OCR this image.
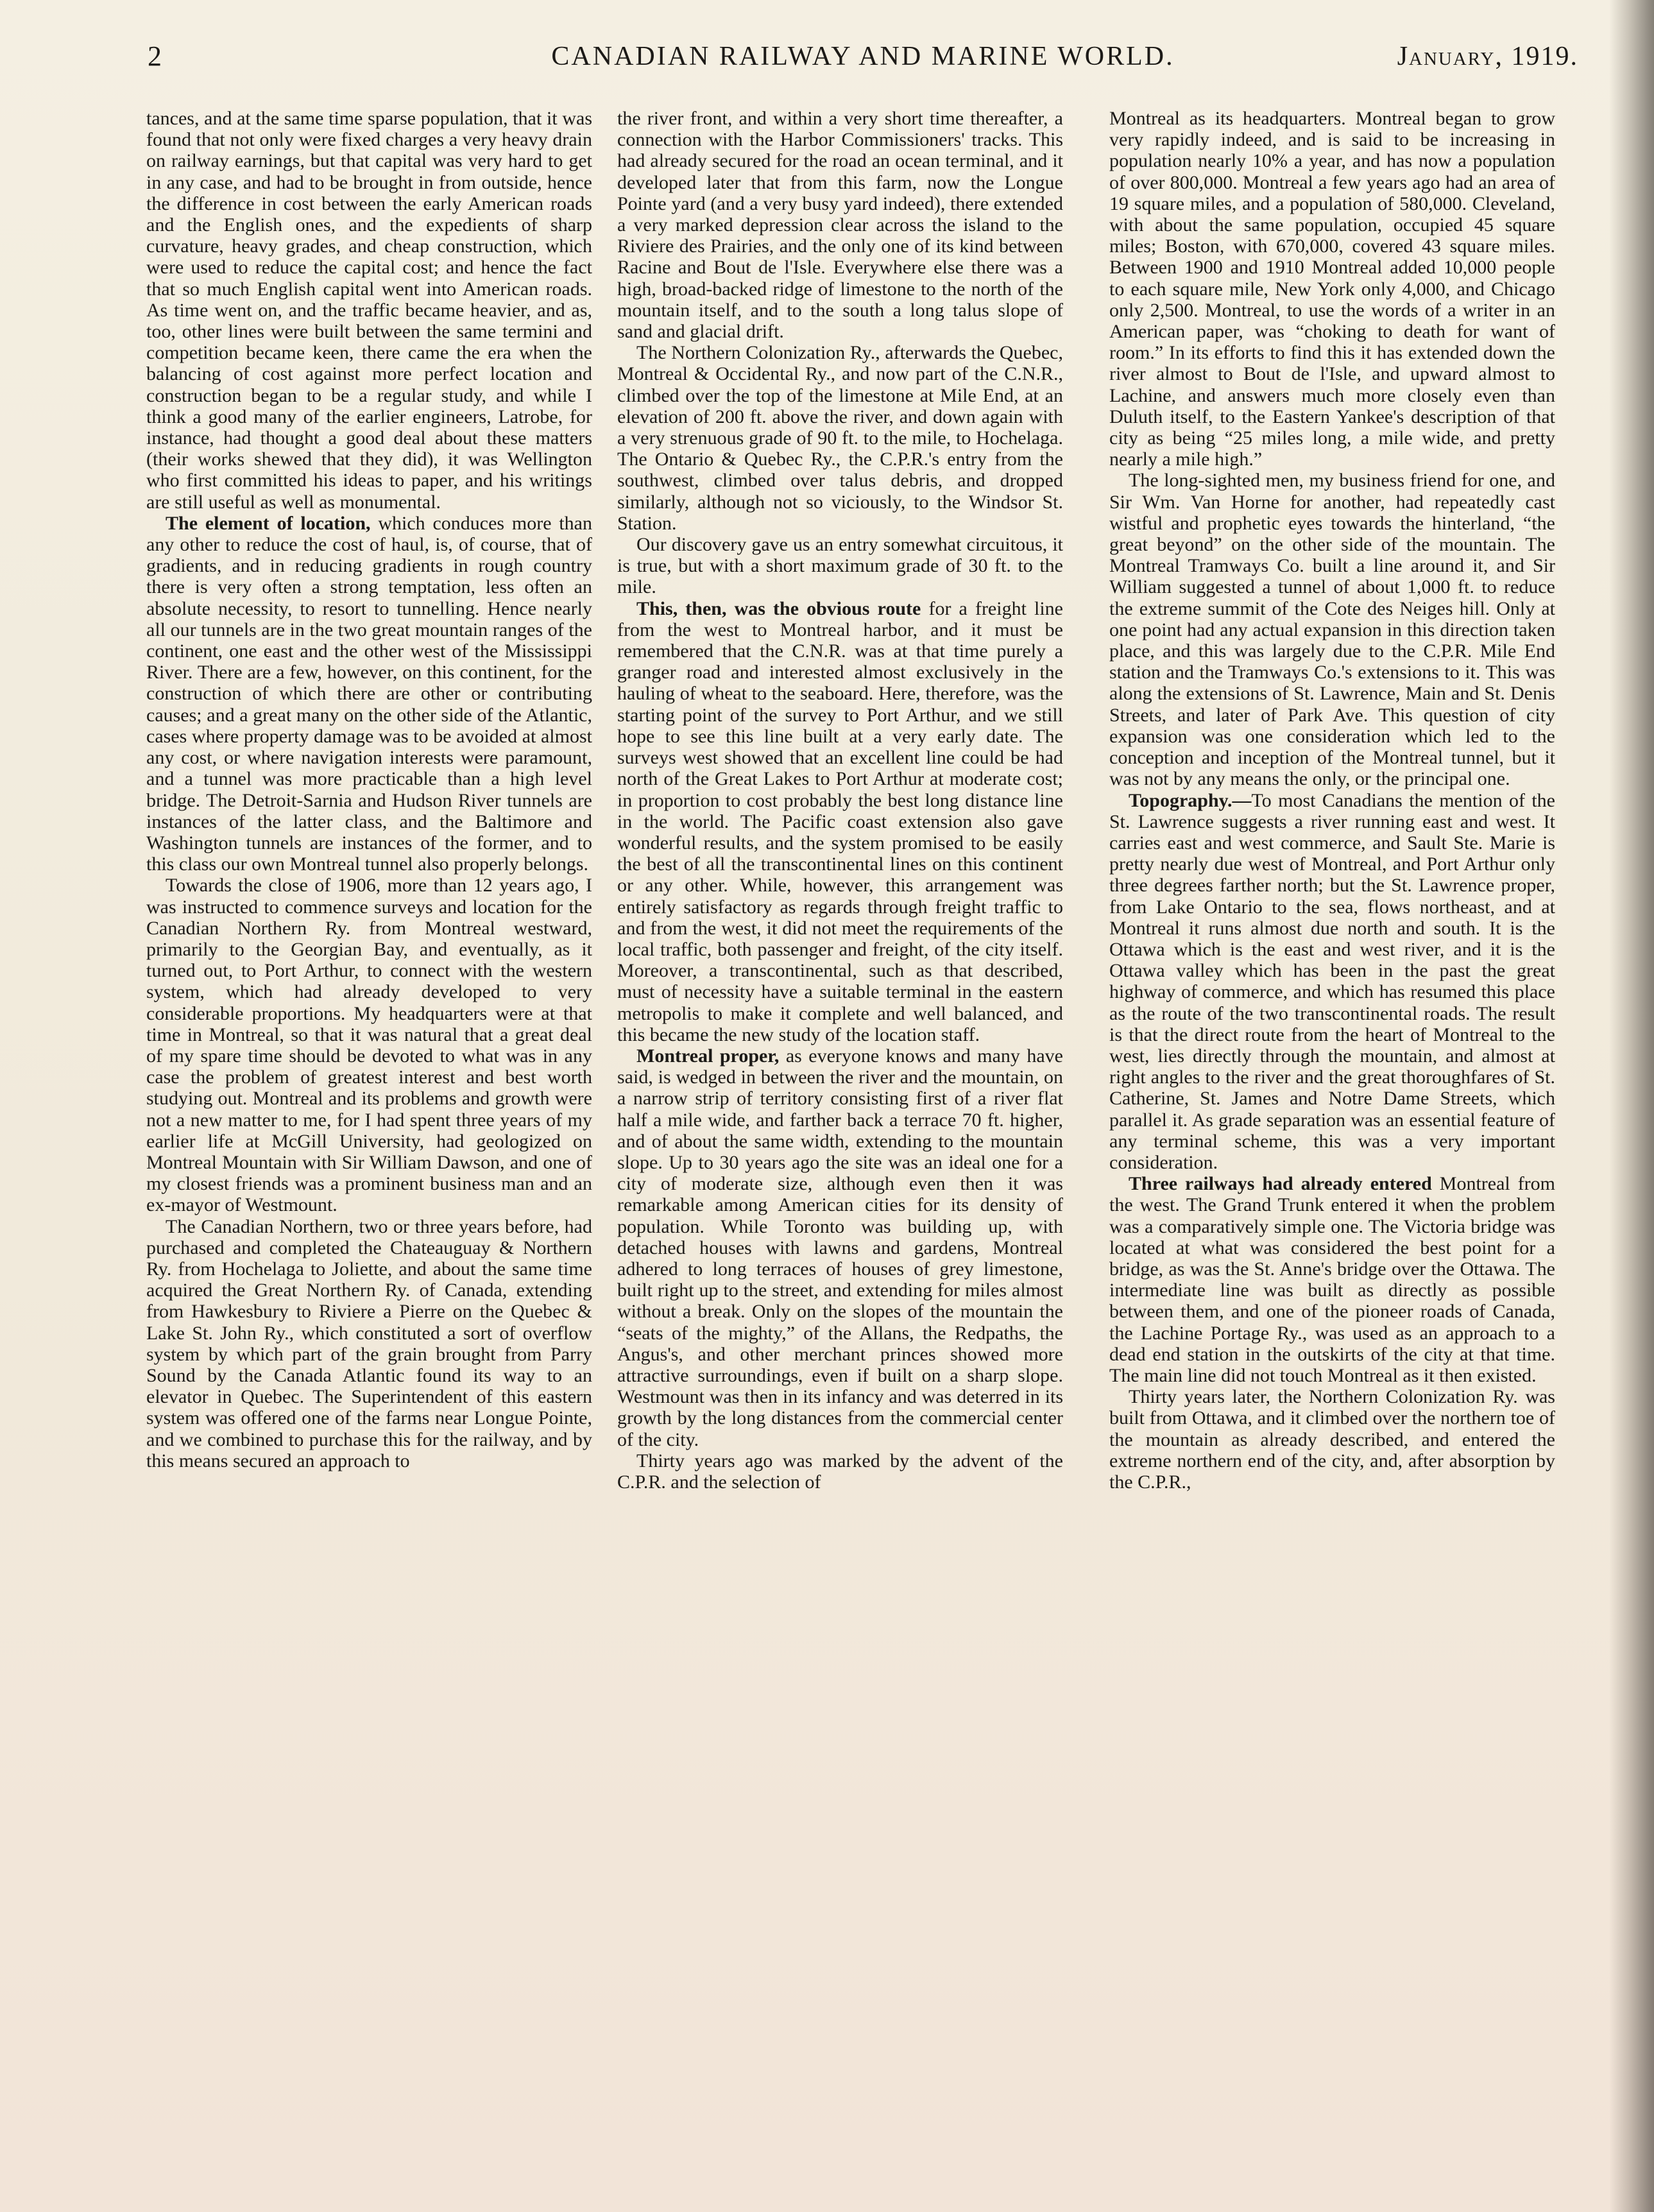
2	CANADIAN RAILWAY AND MARINE WORLD.	January, 1919.

tances, and at the same time sparse population, that it was found that not only were fixed charges a very heavy drain on railway earnings, but that capital was very hard to get in any case, and had to be brought in from outside, hence the difference in cost between the early American roads and the English ones, and the expedients of sharp curvature, heavy grades, and cheap construction, which were used to reduce the capital cost; and hence the fact that so much English capital went into American roads. As time went on, and the traffic became heavier, and as, too, other lines were built between the same termini and competition became keen, there came the era when the balancing of cost against more perfect location and construction began to be a regular study, and while I think a good many of the earlier engineers, Latrobe, for instance, had thought a good deal about these matters (their works shewed that they did), it was Wellington who first committed his ideas to paper, and his writings are still useful as well as monumental.

The element of location, which conduces more than any other to reduce the cost of haul, is, of course, that of gradients, and in reducing gradients in rough country there is very often a strong temptation, less often an absolute necessity, to resort to tunnelling. Hence nearly all our tunnels are in the two great mountain ranges of the continent, one east and the other west of the Mississippi River. There are a few, however, on this continent, for the construction of which there are other or contributing causes; and a great many on the other side of the Atlantic, cases where property damage was to be avoided at almost any cost, or where navigation interests were paramount, and a tunnel was more practicable than a high level bridge. The Detroit-Sarnia and Hudson River tunnels are instances of the latter class, and the Baltimore and Washington tunnels are instances of the former, and to this class our own Montreal tunnel also properly belongs.

Towards the close of 1906, more than 12 years ago, I was instructed to commence surveys and location for the Canadian Northern Ry. from Montreal westward, primarily to the Georgian Bay, and eventually, as it turned out, to Port Arthur, to connect with the western system, which had already developed to very considerable proportions. My headquarters were at that time in Montreal, so that it was natural that a great deal of my spare time should be devoted to what was in any case the problem of greatest interest and best worth studying out. Montreal and its problems and growth were not a new matter to me, for I had spent three years of my earlier life at McGill University, had geologized on Montreal Mountain with Sir William Dawson, and one of my closest friends was a prominent business man and an ex-mayor of Westmount.

The Canadian Northern, two or three years before, had purchased and completed the Chateauguay & Northern Ry. from Hochelaga to Joliette, and about the same time acquired the Great Northern Ry. of Canada, extending from Hawkesbury to Riviere a Pierre on the Quebec & Lake St. John Ry., which constituted a sort of overflow system by which part of the grain brought from Parry Sound by the Canada Atlantic found its way to an elevator in Quebec. The Superintendent of this eastern system was offered one of the farms near Longue Pointe, and we combined to purchase this for the railway, and by this means secured an approach to

the river front, and within a very short time thereafter, a connection with the Harbor Commissioners' tracks. This had already secured for the road an ocean terminal, and it developed later that from this farm, now the Longue Pointe yard (and a very busy yard indeed), there extended a very marked depression clear across the island to the Riviere des Prairies, and the only one of its kind between Racine and Bout de l'Isle. Everywhere else there was a high, broad-backed ridge of limestone to the north of the mountain itself, and to the south a long talus slope of sand and glacial drift.

The Northern Colonization Ry., afterwards the Quebec, Montreal & Occidental Ry., and now part of the C.N.R., climbed over the top of the limestone at Mile End, at an elevation of 200 ft. above the river, and down again with a very strenuous grade of 90 ft. to the mile, to Hochelaga. The Ontario & Quebec Ry., the C.P.R.'s entry from the southwest, climbed over talus debris, and dropped similarly, although not so viciously, to the Windsor St. Station.

Our discovery gave us an entry somewhat circuitous, it is true, but with a short maximum grade of 30 ft. to the mile.

This, then, was the obvious route for a freight line from the west to Montreal harbor, and it must be remembered that the C.N.R. was at that time purely a granger road and interested almost exclusively in the hauling of wheat to the seaboard. Here, therefore, was the starting point of the survey to Port Arthur, and we still hope to see this line built at a very early date. The surveys west showed that an excellent line could be had north of the Great Lakes to Port Arthur at moderate cost; in proportion to cost probably the best long distance line in the world. The Pacific coast extension also gave wonderful results, and the system promised to be easily the best of all the transcontinental lines on this continent or any other. While, however, this arrangement was entirely satisfactory as regards through freight traffic to and from the west, it did not meet the requirements of the local traffic, both passenger and freight, of the city itself. Moreover, a transcontinental, such as that described, must of necessity have a suitable terminal in the eastern metropolis to make it complete and well balanced, and this became the new study of the location staff.

Montreal proper, as everyone knows and many have said, is wedged in between the river and the mountain, on a narrow strip of territory consisting first of a river flat half a mile wide, and farther back a terrace 70 ft. higher, and of about the same width, extending to the mountain slope. Up to 30 years ago the site was an ideal one for a city of moderate size, although even then it was remarkable among American cities for its density of population. While Toronto was building up, with detached houses with lawns and gardens, Montreal adhered to long terraces of houses of grey limestone, built right up to the street, and extending for miles almost without a break. Only on the slopes of the mountain the “seats of the mighty,” of the Allans, the Redpaths, the Angus's, and other merchant princes showed more attractive surroundings, even if built on a sharp slope. Westmount was then in its infancy and was deterred in its growth by the long distances from the commercial center of the city.

Thirty years ago was marked by the advent of the C.P.R. and the selection of

Montreal as its headquarters. Montreal began to grow very rapidly indeed, and is said to be increasing in population nearly 10% a year, and has now a population of over 800,000. Montreal a few years ago had an area of 19 square miles, and a population of 580,000. Cleveland, with about the same population, occupied 45 square miles; Boston, with 670,000, covered 43 square miles. Between 1900 and 1910 Montreal added 10,000 people to each square mile, New York only 4,000, and Chicago only 2,500. Montreal, to use the words of a writer in an American paper, was “choking to death for want of room.” In its efforts to find this it has extended down the river almost to Bout de l'Isle, and upward almost to Lachine, and answers much more closely even than Duluth itself, to the Eastern Yankee's description of that city as being “25 miles long, a mile wide, and pretty nearly a mile high.”

The long-sighted men, my business friend for one, and Sir Wm. Van Horne for another, had repeatedly cast wistful and prophetic eyes towards the hinterland, “the great beyond” on the other side of the mountain. The Montreal Tramways Co. built a line around it, and Sir William suggested a tunnel of about 1,000 ft. to reduce the extreme summit of the Cote des Neiges hill. Only at one point had any actual expansion in this direction taken place, and this was largely due to the C.P.R. Mile End station and the Tramways Co.'s extensions to it. This was along the extensions of St. Lawrence, Main and St. Denis Streets, and later of Park Ave. This question of city expansion was one consideration which led to the conception and inception of the Montreal tunnel, but it was not by any means the only, or the principal one.

Topography.—To most Canadians the mention of the St. Lawrence suggests a river running east and west. It carries east and west commerce, and Sault Ste. Marie is pretty nearly due west of Montreal, and Port Arthur only three degrees farther north; but the St. Lawrence proper, from Lake Ontario to the sea, flows northeast, and at Montreal it runs almost due north and south. It is the Ottawa which is the east and west river, and it is the Ottawa valley which has been in the past the great highway of commerce, and which has resumed this place as the route of the two transcontinental roads. The result is that the direct route from the heart of Montreal to the west, lies directly through the mountain, and almost at right angles to the river and the great thoroughfares of St. Catherine, St. James and Notre Dame Streets, which parallel it. As grade separation was an essential feature of any terminal scheme, this was a very important consideration.

Three railways had already entered Montreal from the west. The Grand Trunk entered it when the problem was a comparatively simple one. The Victoria bridge was located at what was considered the best point for a bridge, as was the St. Anne's bridge over the Ottawa. The intermediate line was built as directly as possible between them, and one of the pioneer roads of Canada, the Lachine Portage Ry., was used as an approach to a dead end station in the outskirts of the city at that time. The main line did not touch Montreal as it then existed.

Thirty years later, the Northern Colonization Ry. was built from Ottawa, and it climbed over the northern toe of the mountain as already described, and entered the extreme northern end of the city, and, after absorption by the C.P.R.,
